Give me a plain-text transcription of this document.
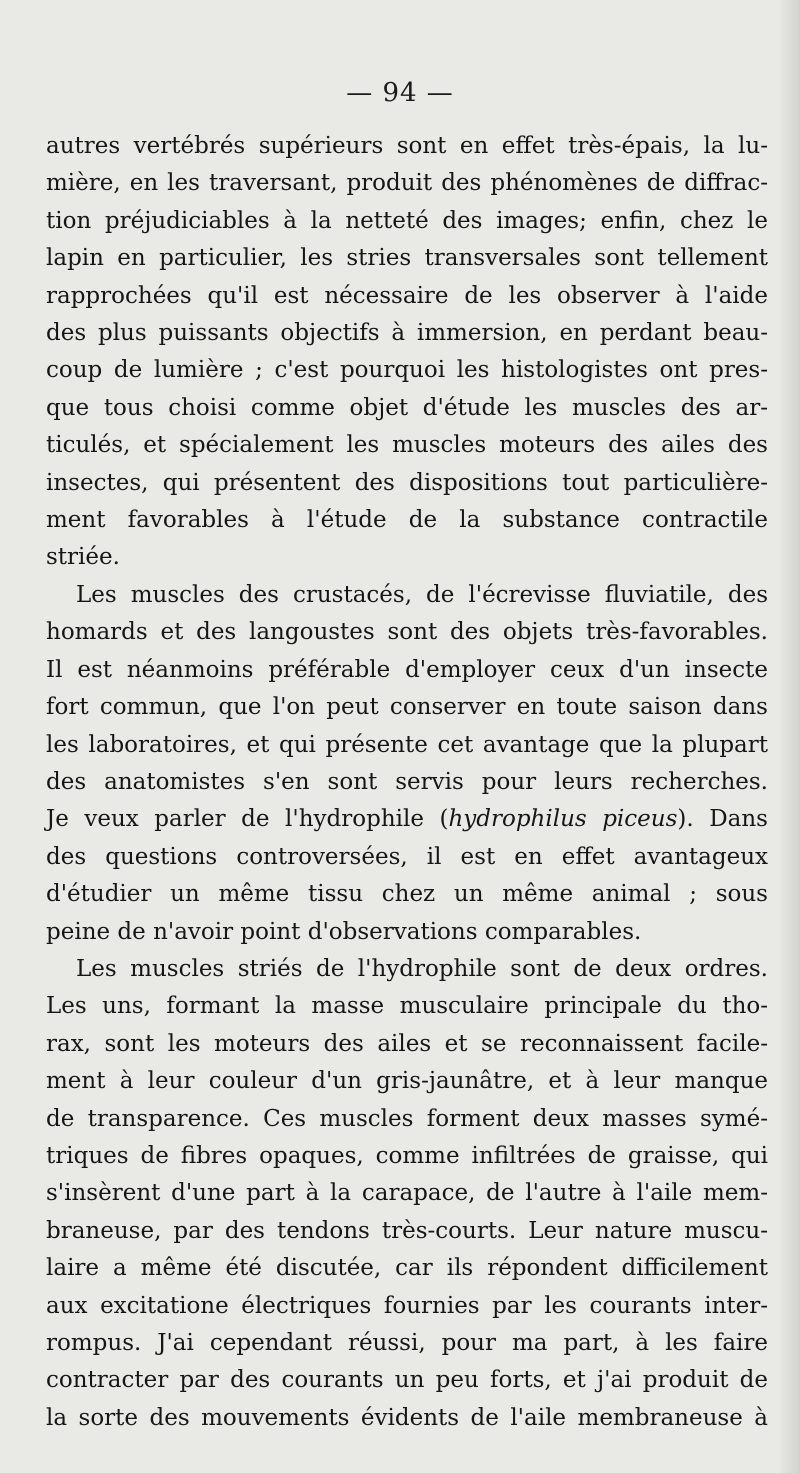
— 94 —

autres vertébrés supérieurs sont en effet très-épais, la lu-
mière, en les traversant, produit des phénomènes de diffrac-
tion préjudiciables à la netteté des images; enfin, chez le
lapin en particulier, les stries transversales sont tellement
rapprochées qu'il est nécessaire de les observer à l'aide
des plus puissants objectifs à immersion, en perdant beau-
coup de lumière ; c'est pourquoi les histologistes ont pres-
que tous choisi comme objet d'étude les muscles des ar-
ticulés, et spécialement les muscles moteurs des ailes des
insectes, qui présentent des dispositions tout particulière-
ment favorables à l'étude de la substance contractile
striée.

Les muscles des crustacés, de l'écrevisse fluviatile, des
homards et des langoustes sont des objets très-favorables.
Il est néanmoins préférable d'employer ceux d'un insecte
fort commun, que l'on peut conserver en toute saison dans
les laboratoires, et qui présente cet avantage que la plupart
des anatomistes s'en sont servis pour leurs recherches.
Je veux parler de l'hydrophile (hydrophilus piceus). Dans
des questions controversées, il est en effet avantageux
d'étudier un même tissu chez un même animal ; sous
peine de n'avoir point d'observations comparables.

Les muscles striés de l'hydrophile sont de deux ordres.
Les uns, formant la masse musculaire principale du tho-
rax, sont les moteurs des ailes et se reconnaissent facile-
ment à leur couleur d'un gris-jaunâtre, et à leur manque
de transparence. Ces muscles forment deux masses symé-
triques de fibres opaques, comme infiltrées de graisse, qui
s'insèrent d'une part à la carapace, de l'autre à l'aile mem-
braneuse, par des tendons très-courts. Leur nature muscu-
laire a même été discutée, car ils répondent difficilement
aux excitatione électriques fournies par les courants inter-
rompus. J'ai cependant réussi, pour ma part, à les faire
contracter par des courants un peu forts, et j'ai produit de
la sorte des mouvements évidents de l'aile membraneuse à
